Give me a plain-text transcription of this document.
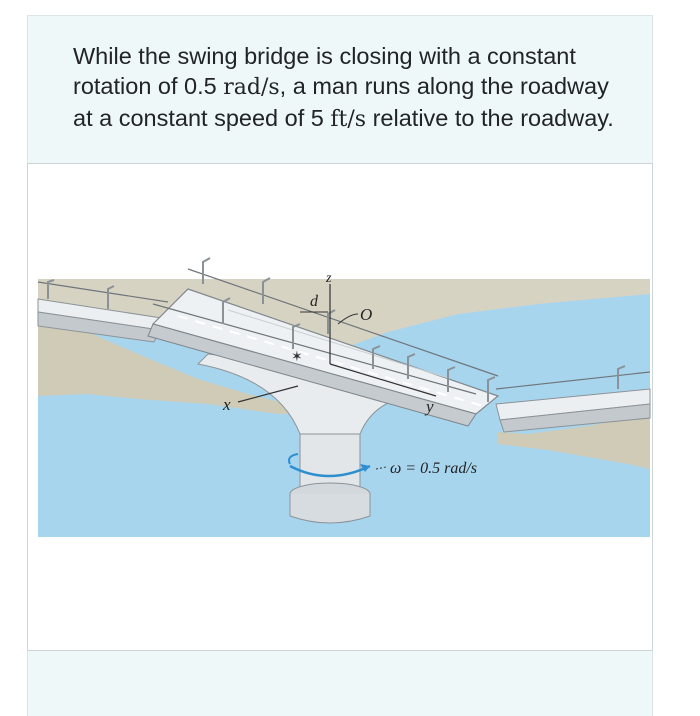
While the swing bridge is closing with a constant rotation of 0.5 rad/s, a man runs along the roadway at a constant speed of 5 ft/s relative to the roadway.

z
d
O
✶
x	y
ω = 0.5 rad/s
